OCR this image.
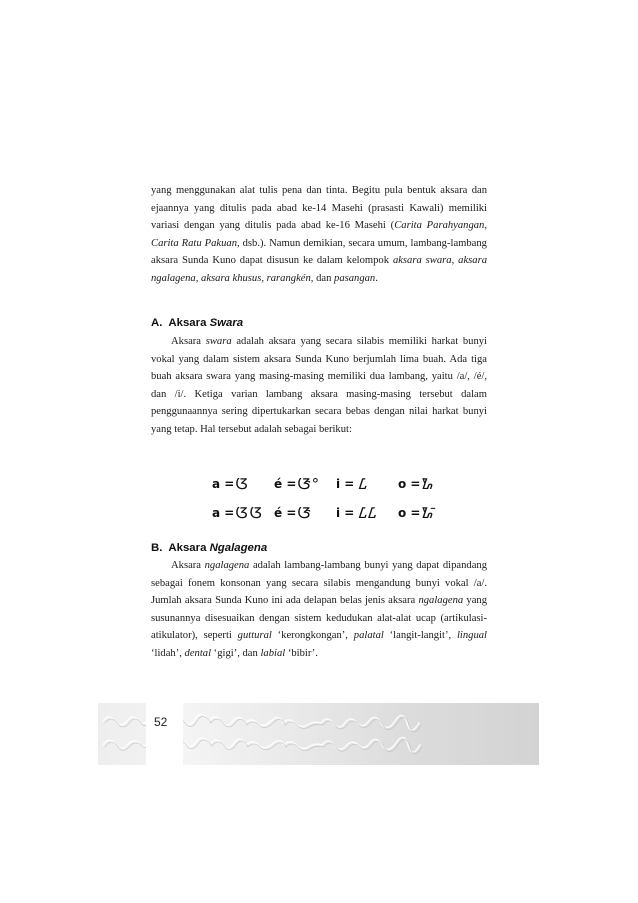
yang menggunakan alat tulis pena dan tinta. Begitu pula bentuk aksara dan ejaannya yang ditulis pada abad ke-14 Masehi (prasasti Kawali) memiliki variasi dengan yang ditulis pada abad ke-16 Masehi (Carita Parahyangan, Carita Ratu Pakuan, dsb.). Namun demikian, secara umum, lambang-lambang aksara Sunda Kuno dapat disusun ke dalam kelompok aksara swara, aksara ngalagena, aksara khusus, rarangkén, dan pasangan.

A. Aksara Swara

Aksara swara adalah aksara yang secara silabis memiliki harkat bunyi vokal yang dalam sistem aksara Sunda Kuno berjumlah lima buah. Ada tiga buah aksara swara yang masing-masing memiliki dua lambang, yaitu /a/, /é/, dan /i/. Ketiga varian lambang aksara masing-masing tersebut dalam penggunaannya sering dipertukarkan secara bebas dengan nilai harkat bunyi yang tetap. Hal tersebut adalah sebagai berikut:

a = ᮃ é = ᮆ° i = ᮄ o = ᮇ
a = ᮃᮃ é = ᮆ i = ᮄᮄ o = ᮇ̄
B. Aksara Ngalagena

Aksara ngalagena adalah lambang-lambang bunyi yang dapat dipandang sebagai fonem konsonan yang secara silabis mengandung bunyi vokal /a/. Jumlah aksara Sunda Kuno ini ada delapan belas jenis aksara ngalagena yang susunannya disesuaikan dengan sistem kedudukan alat-alat ucap (artikulasi-atikulator), seperti guttural ‘kerongkongan’, palatal ‘langit-langit’, lingual ‘lidah’, dental ‘gigi’, dan labial ‘bibir’.

52
